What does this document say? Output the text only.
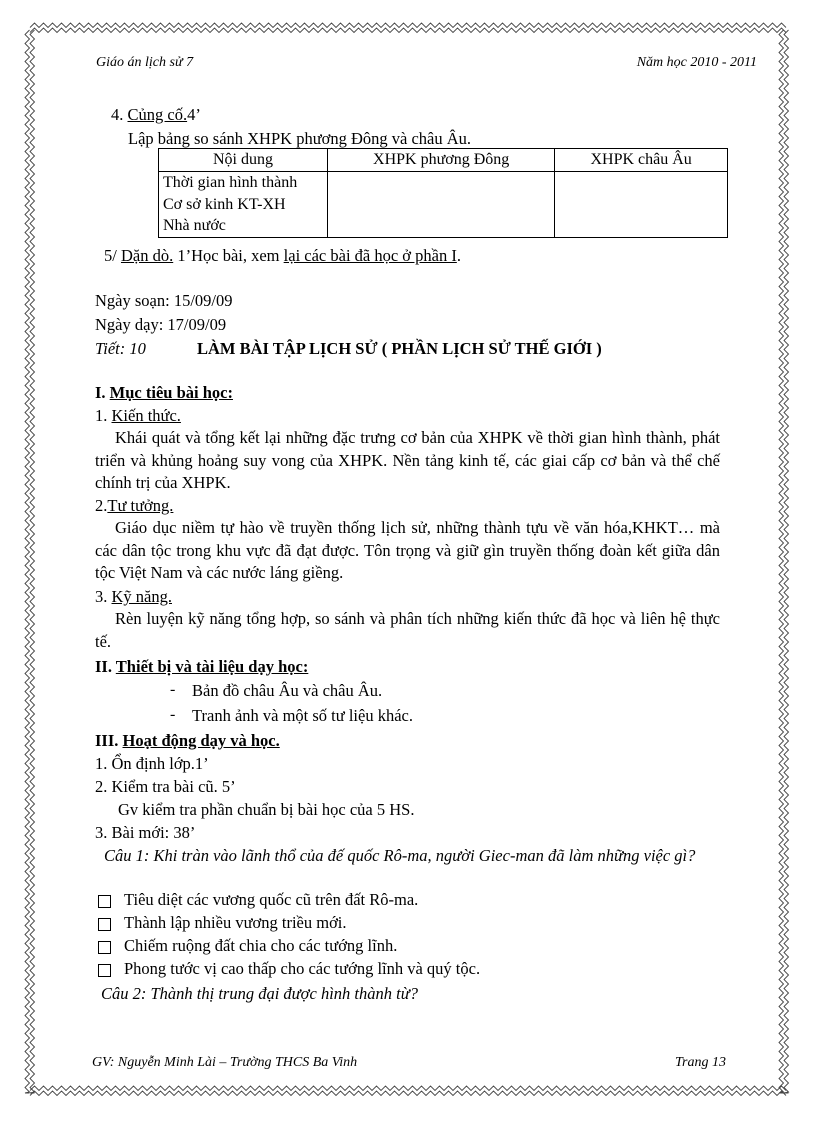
Giáo án lịch sử 7	Năm học 2010 - 2011
4. Củng cố.4’
Lập bảng so sánh XHPK phương Đông và châu Âu.
Nội dung	XHPK phương Đông	XHPK châu Âu

Thời gian hình thành
Cơ sở kinh KT-XH
Nhà nước		

5/ Dặn dò. 1’Học bài, xem lại các bài đã học ở phần I.
Ngày soạn: 15/09/09
Ngày dạy: 17/09/09
Tiết: 10	LÀM BÀI TẬP LỊCH SỬ ( PHẦN LỊCH SỬ THẾ GIỚI )
I. Mục tiêu bài học:
1. Kiến thức.
Khái quát và tổng kết lại những đặc trưng cơ bản của XHPK về thời gian hình thành, phát triển và khủng hoảng suy vong của XHPK. Nền tảng kinh tế, các giai cấp cơ bản và thể chế chính trị của XHPK.
2.Tư tưởng.
Giáo dục niềm tự hào về truyền thống lịch sử, những thành tựu về văn hóa,KHKT… mà các dân tộc trong khu vực đã đạt được. Tôn trọng và giữ gìn truyền thống đoàn kết giữa dân tộc Việt Nam và các nước láng giềng.
3. Kỹ năng.
Rèn luyện kỹ năng tổng hợp, so sánh và phân tích những kiến thức đã học và liên hệ thực tế.
II. Thiết bị và tài liệu dạy học:
- Bản đồ châu Âu và châu Âu.
- Tranh ảnh và một số tư liệu khác.
III. Hoạt động dạy và học.
1. Ổn định lớp.1’
2. Kiểm tra bài cũ. 5’
Gv kiểm tra phần chuẩn bị bài học của 5 HS.
3. Bài mới: 38’
Câu 1: Khi tràn vào lãnh thổ của đế quốc Rô-ma, người Giec-man đã làm những việc gì?
Tiêu diệt các vương quốc cũ trên đất Rô-ma.
Thành lập nhiều vương triều mới.
Chiếm ruộng đất chia cho các tướng lĩnh.
Phong tước vị cao thấp cho các tướng lĩnh và quý tộc.
Câu 2: Thành thị trung đại được hình thành từ?
GV: Nguyễn Minh Lài – Trường THCS Ba Vinh	Trang 13
